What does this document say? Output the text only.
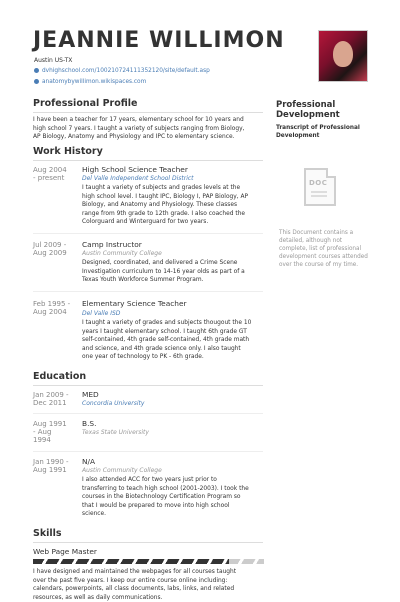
JEANNIE WILLIMON
Austin US-TX
dvhighschool.com/100210724111352120/site/default.asp
anatomybywillimon.wikispaces.com
Professional Profile
I have been a teacher for 17 years, elementary school for 10 years and
high school 7 years. I taught a variety of subjects ranging from Biology,
AP Biology, Anatomy and Physiology and IPC to elementary science.
Work History
Aug 2004
- present
High School Science Teacher
Del Valle Independent School District
I taught a variety of subjects and grades levels at the
high school level. I taught IPC, Biology I, PAP Biology, AP
Biology, and Anatomy and Physiology. These classes
range from 9th grade to 12th grade. I also coached the
Colorguard and Winterguard for two years.
Jul 2009 -
Aug 2009
Camp Instructor
Austin Community College
Designed, coordinated, and delivered a Crime Scene
Investigation curriculum to 14-16 year olds as part of a
Texas Youth Workforce Summer Program.
Feb 1995 -
Aug 2004
Elementary Science Teacher
Del Valle ISD
I taught a variety of grades and subjects thougout the 10
years I taught elementary school. I taught 6th grade GT
self-contained, 4th grade self-contained, 4th grade math
and science, and 4th grade science only. I also taught
one year of technology to PK - 6th grade.
Education
Jan 2009 -
Dec 2011
MED
Concordia University
Aug 1991
- Aug
1994
B.S.
Texas State University
Jan 1990 -
Aug 1991
N/A
Austin Community College
I also attended ACC for two years just prior to
transferring to teach high school (2001-2003). I took the
courses in the Biotechnology Certification Program so
that I would be prepared to move into high school
science.
Skills
Web Page Master
I have designed and maintained the webpages for all courses taught
over the past five years. I keep our entire course online including:
calendars, powerpoints, all class documents, labs, links, and related
resources, as well as daily communications.
Professional Development
Transcript of Professional Development
DOC
This Document contains a detailed, although not complete, list of professional development courses attended over the course of my time.
